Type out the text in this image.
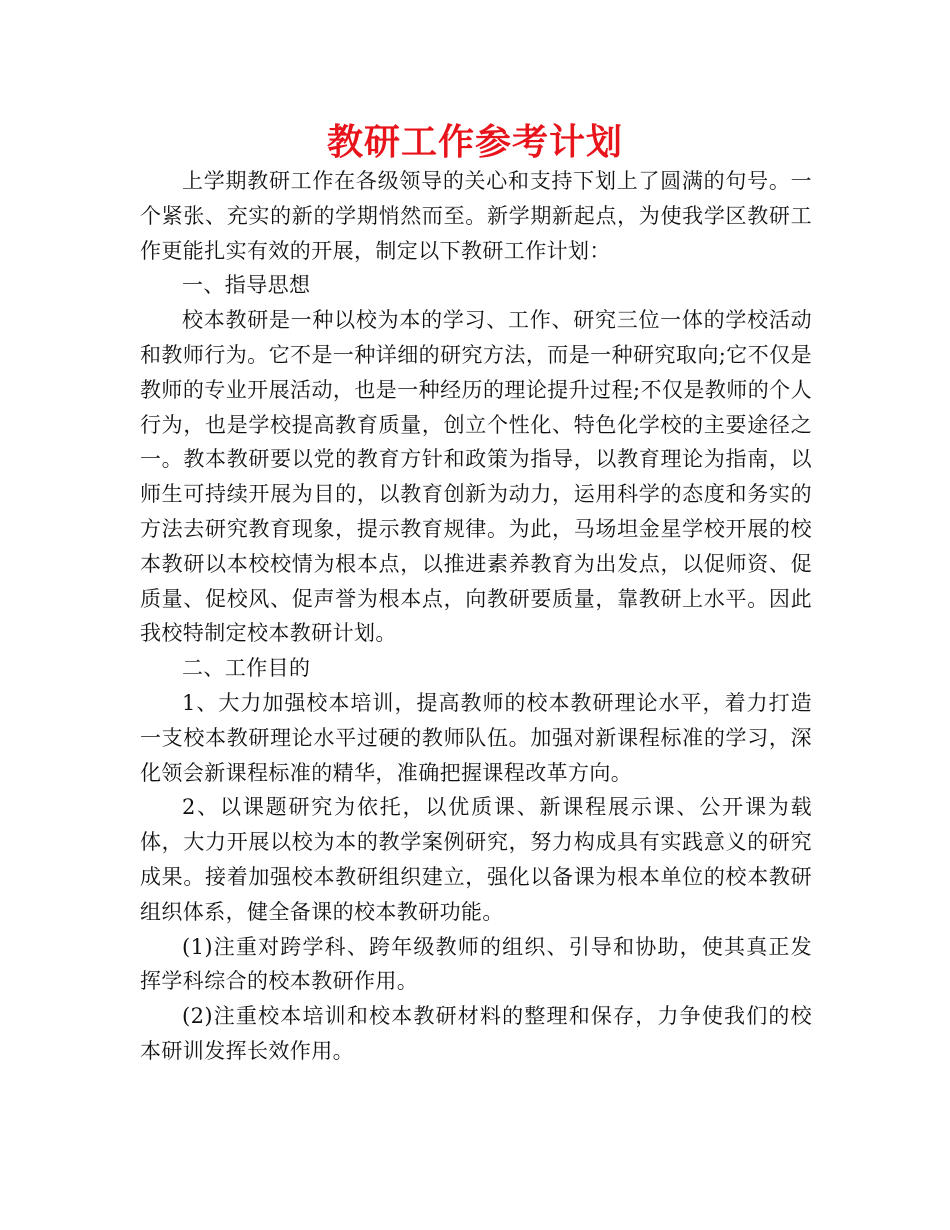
教研工作参考计划

上学期教研工作在各级领导的关心和支持下划上了圆满的句号。一个紧张、充实的新的学期悄然而至。新学期新起点，为使我学区教研工作更能扎实有效的开展，制定以下教研工作计划：

一、指导思想

校本教研是一种以校为本的学习、工作、研究三位一体的学校活动和教师行为。它不是一种详细的研究方法，而是一种研究取向;它不仅是教师的专业开展活动，也是一种经历的理论提升过程;不仅是教师的个人行为，也是学校提高教育质量，创立个性化、特色化学校的主要途径之一。教本教研要以党的教育方针和政策为指导，以教育理论为指南，以师生可持续开展为目的，以教育创新为动力，运用科学的态度和务实的方法去研究教育现象，提示教育规律。为此，马场坦金星学校开展的校本教研以本校校情为根本点，以推进素养教育为出发点，以促师资、促质量、促校风、促声誉为根本点，向教研要质量，靠教研上水平。因此我校特制定校本教研计划。

二、工作目的

1、大力加强校本培训，提高教师的校本教研理论水平，着力打造一支校本教研理论水平过硬的教师队伍。加强对新课程标准的学习，深化领会新课程标准的精华，准确把握课程改革方向。

2、以课题研究为依托，以优质课、新课程展示课、公开课为载体，大力开展以校为本的教学案例研究，努力构成具有实践意义的研究成果。接着加强校本教研组织建立，强化以备课为根本单位的校本教研组织体系，健全备课的校本教研功能。

(1)注重对跨学科、跨年级教师的组织、引导和协助，使其真正发挥学科综合的校本教研作用。

(2)注重校本培训和校本教研材料的整理和保存，力争使我们的校本研训发挥长效作用。
